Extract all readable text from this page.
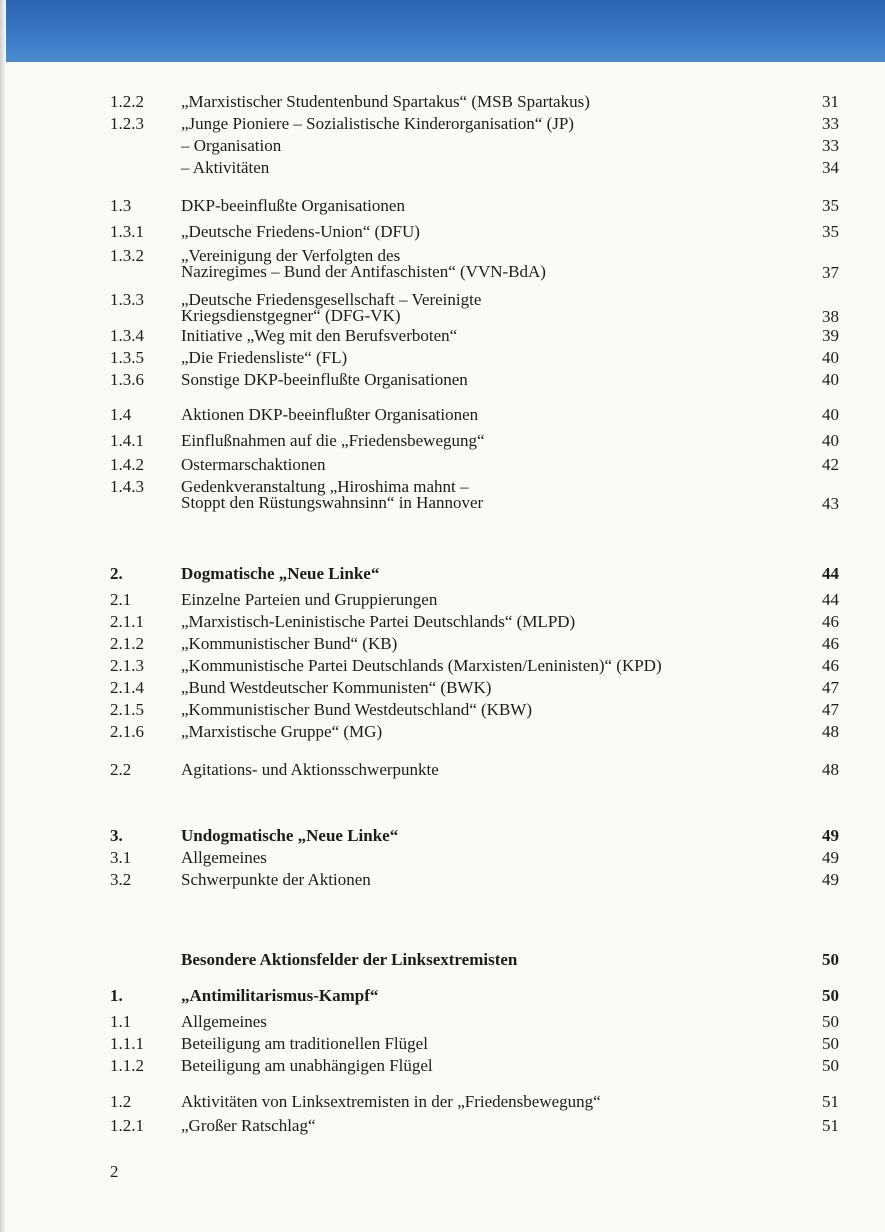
1.2.2 „Marxistischer Studentenbund Spartakus“ (MSB Spartakus)	31
1.2.3 „Junge Pioniere – Sozialistische Kinderorganisation“ (JP)	33
– Organisation	33
– Aktivitäten	34
1.3	DKP-beeinflußte Organisationen	35
1.3.1 „Deutsche Friedens-Union“ (DFU)	35
1.3.2 „Vereinigung der Verfolgten des
Naziregimes – Bund der Antifaschisten“ (VVN-BdA)	37
1.3.3 „Deutsche Friedensgesellschaft – Vereinigte
Kriegsdienstgegner“ (DFG-VK)	38
1.3.4 Initiative „Weg mit den Berufsverboten“	39
1.3.5 „Die Friedensliste“ (FL)	40
1.3.6 Sonstige DKP-beeinflußte Organisationen	40
1.4	Aktionen DKP-beeinflußter Organisationen	40
1.4.1 Einflußnahmen auf die „Friedensbewegung“	40
1.4.2 Ostermarschaktionen	42
1.4.3 Gedenkveranstaltung „Hiroshima mahnt –
Stoppt den Rüstungswahnsinn“ in Hannover	43
2.	Dogmatische „Neue Linke“	44
2.1	Einzelne Parteien und Gruppierungen	44
2.1.1 „Marxistisch-Leninistische Partei Deutschlands“ (MLPD)	46
2.1.2 „Kommunistischer Bund“ (KB)	46
2.1.3 „Kommunistische Partei Deutschlands (Marxisten/Leninisten)“ (KPD)	46
2.1.4 „Bund Westdeutscher Kommunisten“ (BWK)	47
2.1.5 „Kommunistischer Bund Westdeutschland“ (KBW)	47
2.1.6 „Marxistische Gruppe“ (MG)	48
2.2	Agitations- und Aktionsschwerpunkte	48
3.	Undogmatische „Neue Linke“	49
3.1	Allgemeines	49
3.2	Schwerpunkte der Aktionen	49
Besondere Aktionsfelder der Linksextremisten	50
1.	„Antimilitarismus-Kampf“	50
1.1	Allgemeines	50
1.1.1 Beteiligung am traditionellen Flügel	50
1.1.2 Beteiligung am unabhängigen Flügel	50
1.2	Aktivitäten von Linksextremisten in der „Friedensbewegung“	51
1.2.1 „Großer Ratschlag“	51
2
